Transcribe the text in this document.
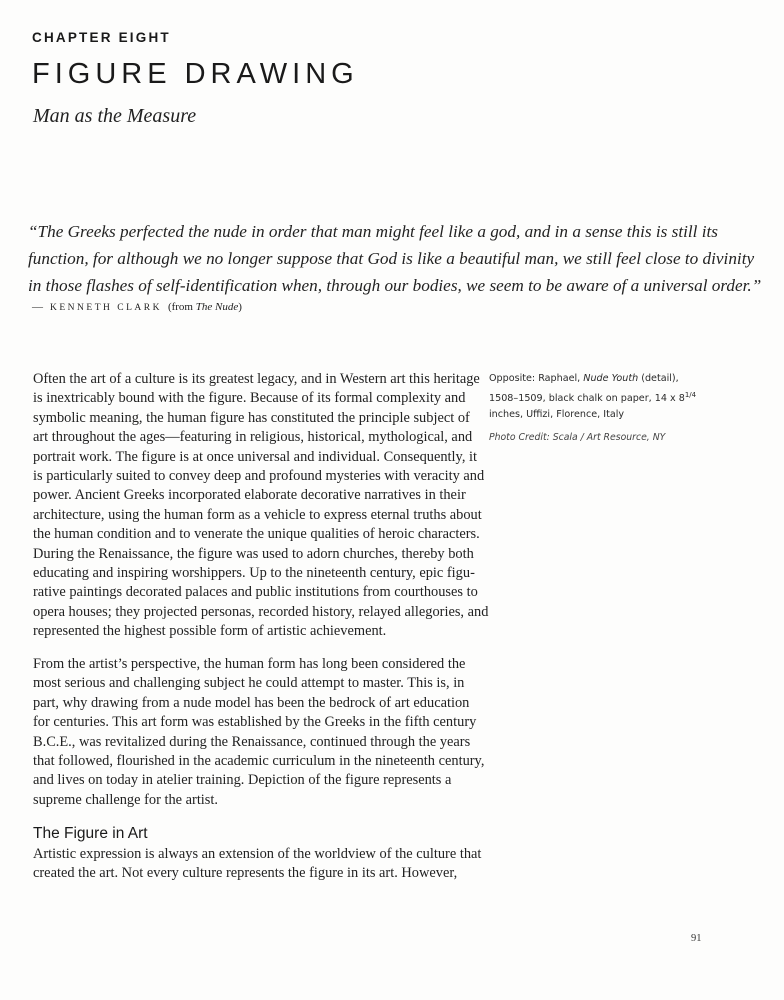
CHAPTER EIGHT
FIGURE DRAWING
Man as the Measure
“The Greeks perfected the nude in order that man might feel like a god, and in a sense this is still its
function, for although we no longer suppose that God is like a beautiful man, we still feel close to divinity
in those flashes of self-identification when, through our bodies, we seem to be aware of a universal order.”
— KENNETH CLARK (from The Nude)

Often the art of a culture is its greatest legacy, and in Western art this heritage
is inextricably bound with the figure. Because of its formal complexity and
symbolic meaning, the human figure has constituted the principle subject of
art throughout the ages—featuring in religious, historical, mythological, and
portrait work. The figure is at once universal and individual. Consequently, it
is particularly suited to convey deep and profound mysteries with veracity and
power. Ancient Greeks incorporated elaborate decorative narratives in their
architecture, using the human form as a vehicle to express eternal truths about
the human condition and to venerate the unique qualities of heroic characters.
During the Renaissance, the figure was used to adorn churches, thereby both
educating and inspiring worshippers. Up to the nineteenth century, epic figu-
rative paintings decorated palaces and public institutions from courthouses to
opera houses; they projected personas, recorded history, relayed allegories, and
represented the highest possible form of artistic achievement.

From the artist’s perspective, the human form has long been considered the
most serious and challenging subject he could attempt to master. This is, in
part, why drawing from a nude model has been the bedrock of art education
for centuries. This art form was established by the Greeks in the fifth century
B.C.E., was revitalized during the Renaissance, continued through the years
that followed, flourished in the academic curriculum in the nineteenth century,
and lives on today in atelier training. Depiction of the figure represents a
supreme challenge for the artist.

Artistic expression is always an extension of the worldview of the culture that
created the art. Not every culture represents the figure in its art. However,

The Figure in Art
Opposite: Raphael, Nude Youth (detail),
1508–1509, black chalk on paper, 14 x $8^{1/4}$
inches, Uffizi, Florence, Italy
Photo Credit: Scala / Art Resource, NY
91
